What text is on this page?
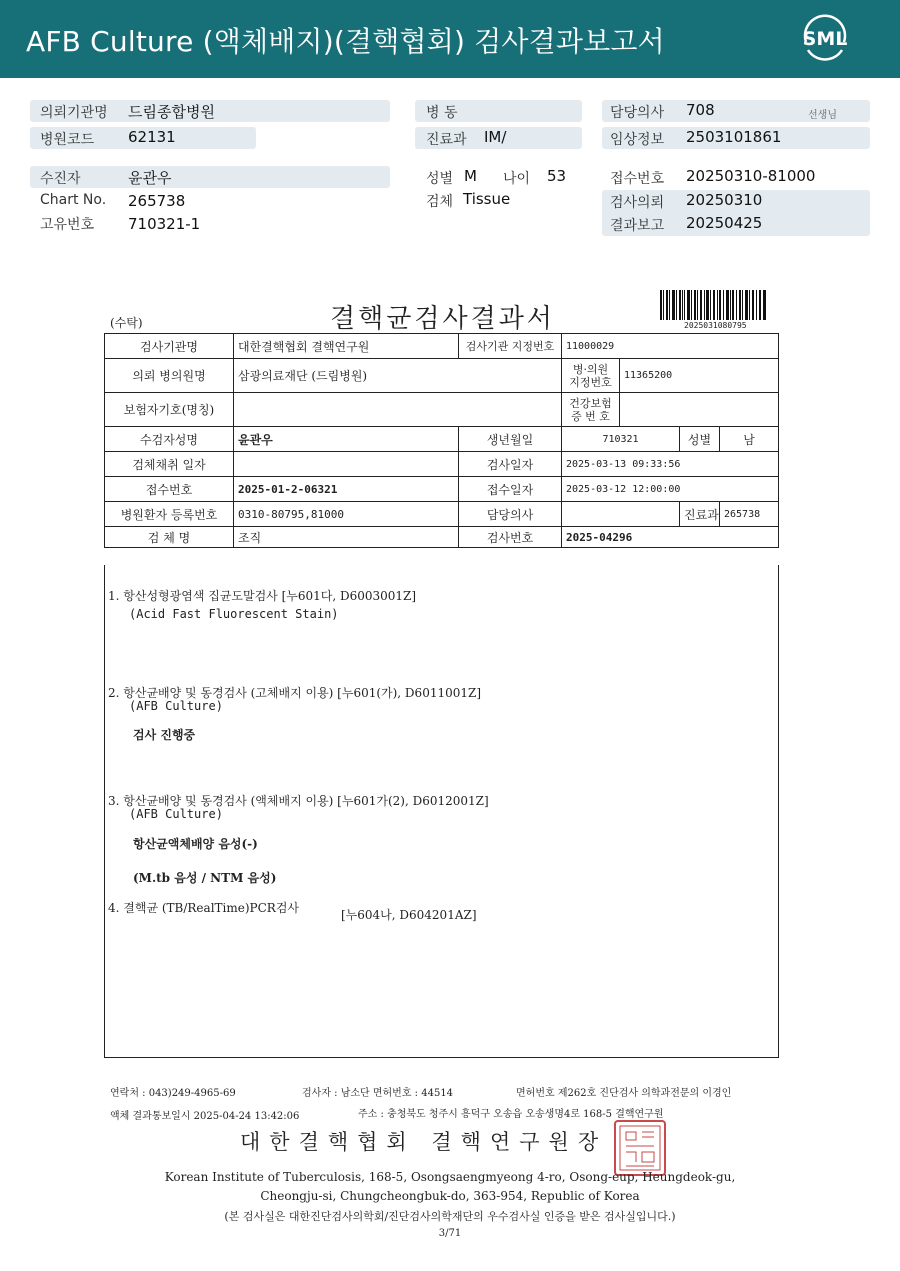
AFB Culture (액체배지)(결핵협회) 검사결과보고서	SML
의뢰기관명 드림종합병원
병원코드 62131
병 동
진료과 IM/
담당의사 708	선생님
임상정보 2503101861
수진자	윤관우
Chart No. 265738
고유번호 710321-1
성별 M 나이 53
검체 Tissue
접수번호 20250310-81000
검사의뢰 20250310
결과보고 20250425
(수탁)	결핵균검사결과서	2025031080795
검사기관명	대한결핵협회 결핵연구원	검사기관 지정번호	11000029			
의뢰 병의원명	삼광의료재단 (드림병원)		병·의원 지정번호	11365200		
보험자기호(명칭)			건강보험 증 번 호			
수검자성명	윤관우	생년월일	710321		성별	남
검체채취 일자		검사일자	2025-03-13 09:33:56			
접수번호	2025-01-2-06321	접수일자	2025-03-12 12:00:00			
병원환자 등록번호	0310-80795,81000	담당의사			진료과	265738
검 체 명	조직	검사번호	2025-04296			
1. 항산성형광염색 집균도말검사 [누601다, D6003001Z]
(Acid Fast Fluorescent Stain)
2. 항산균배양 및 동경검사 (고체배지 이용) [누601(가), D6011001Z]
(AFB Culture)
검사 진행중
3. 항산균배양 및 동경검사 (액체배지 이용) [누601가(2), D6012001Z]
(AFB Culture)
항산균액체배양 음성(-)
(M.tb 음성 / NTM 음성)
4. 결핵균 (TB/RealTime)PCR검사	[누604나, D604201AZ]
연락처 : 043)249-4965-69	검사자 : 남소단 면허번호 : 44514	면허번호 제262호 진단검사 의학과전문의 이경인
액체 결과통보일시 2025-04-24 13:42:06	주소 : 충청북도 청주시 흥덕구 오송읍 오송생명4로 168-5 결핵연구원
대한결핵협회 결핵연구원장
Korean Institute of Tuberculosis, 168-5, Osongsaengmyeong 4-ro, Osong-eup, Heungdeok-gu,
Cheongju-si, Chungcheongbuk-do, 363-954, Republic of Korea
(본 검사실은 대한진단검사의학회/진단검사의학재단의 우수검사실 인증을 받은 검사실입니다.)
3/71
